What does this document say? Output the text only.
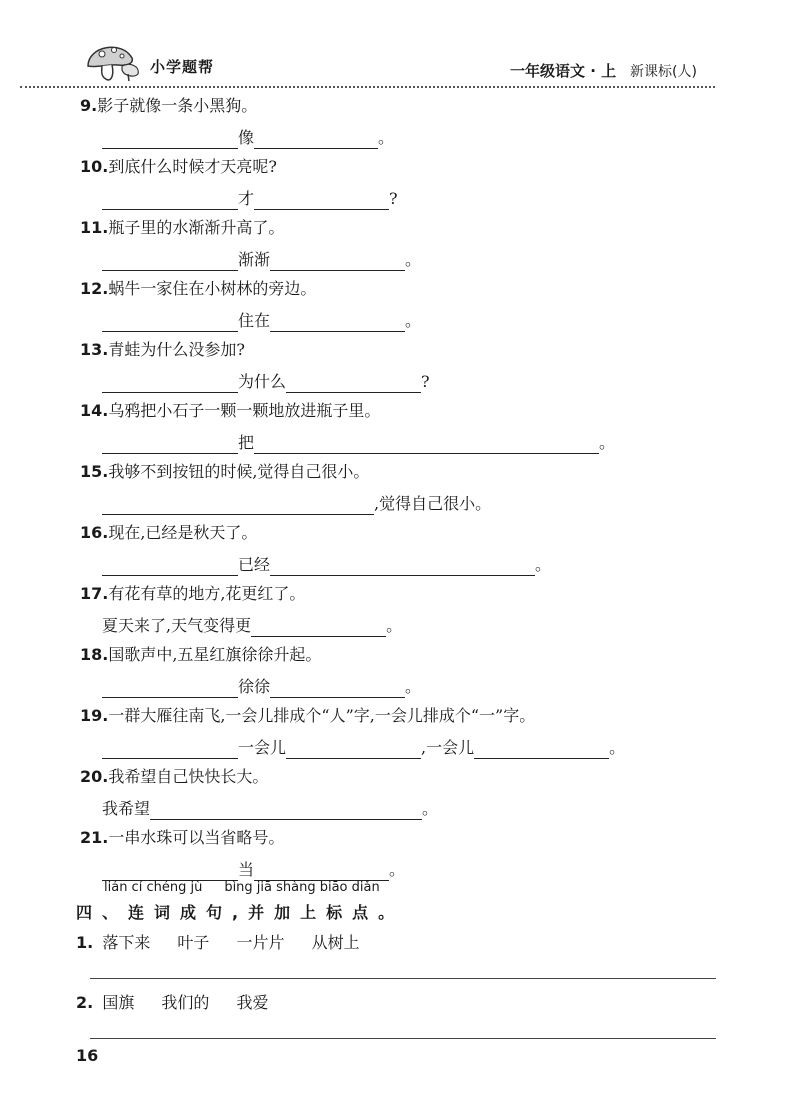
小学题帮	一年级语文 · 上 新课标(人)
9.影子就像一条小黑狗。
像	。
10.到底什么时候才天亮呢?
才	?
11.瓶子里的水渐渐升高了。
渐渐	。
12.蜗牛一家住在小树林的旁边。
住在	。
13.青蛙为什么没参加?
为什么	?
14.乌鸦把小石子一颗一颗地放进瓶子里。
把	。
15.我够不到按钮的时候,觉得自己很小。
,觉得自己很小。
16.现在,已经是秋天了。
已经	。
17.有花有草的地方,花更红了。
夏天来了,天气变得更	。
18.国歌声中,五星红旗徐徐升起。
徐徐	。
19.一群大雁往南飞,一会儿排成个“人”字,一会儿排成个“一”字。
一会儿	,一会儿	。
20.我希望自己快快长大。
我希望	。
21.一串水珠可以当省略号。
当	。
lián cí chéng jù bìng jiā shàng biāo diǎn
四、连词成句,并加上标点。
1. 落下来 叶子 一片片 从树上
2. 国旗 我们的 我爱
16
